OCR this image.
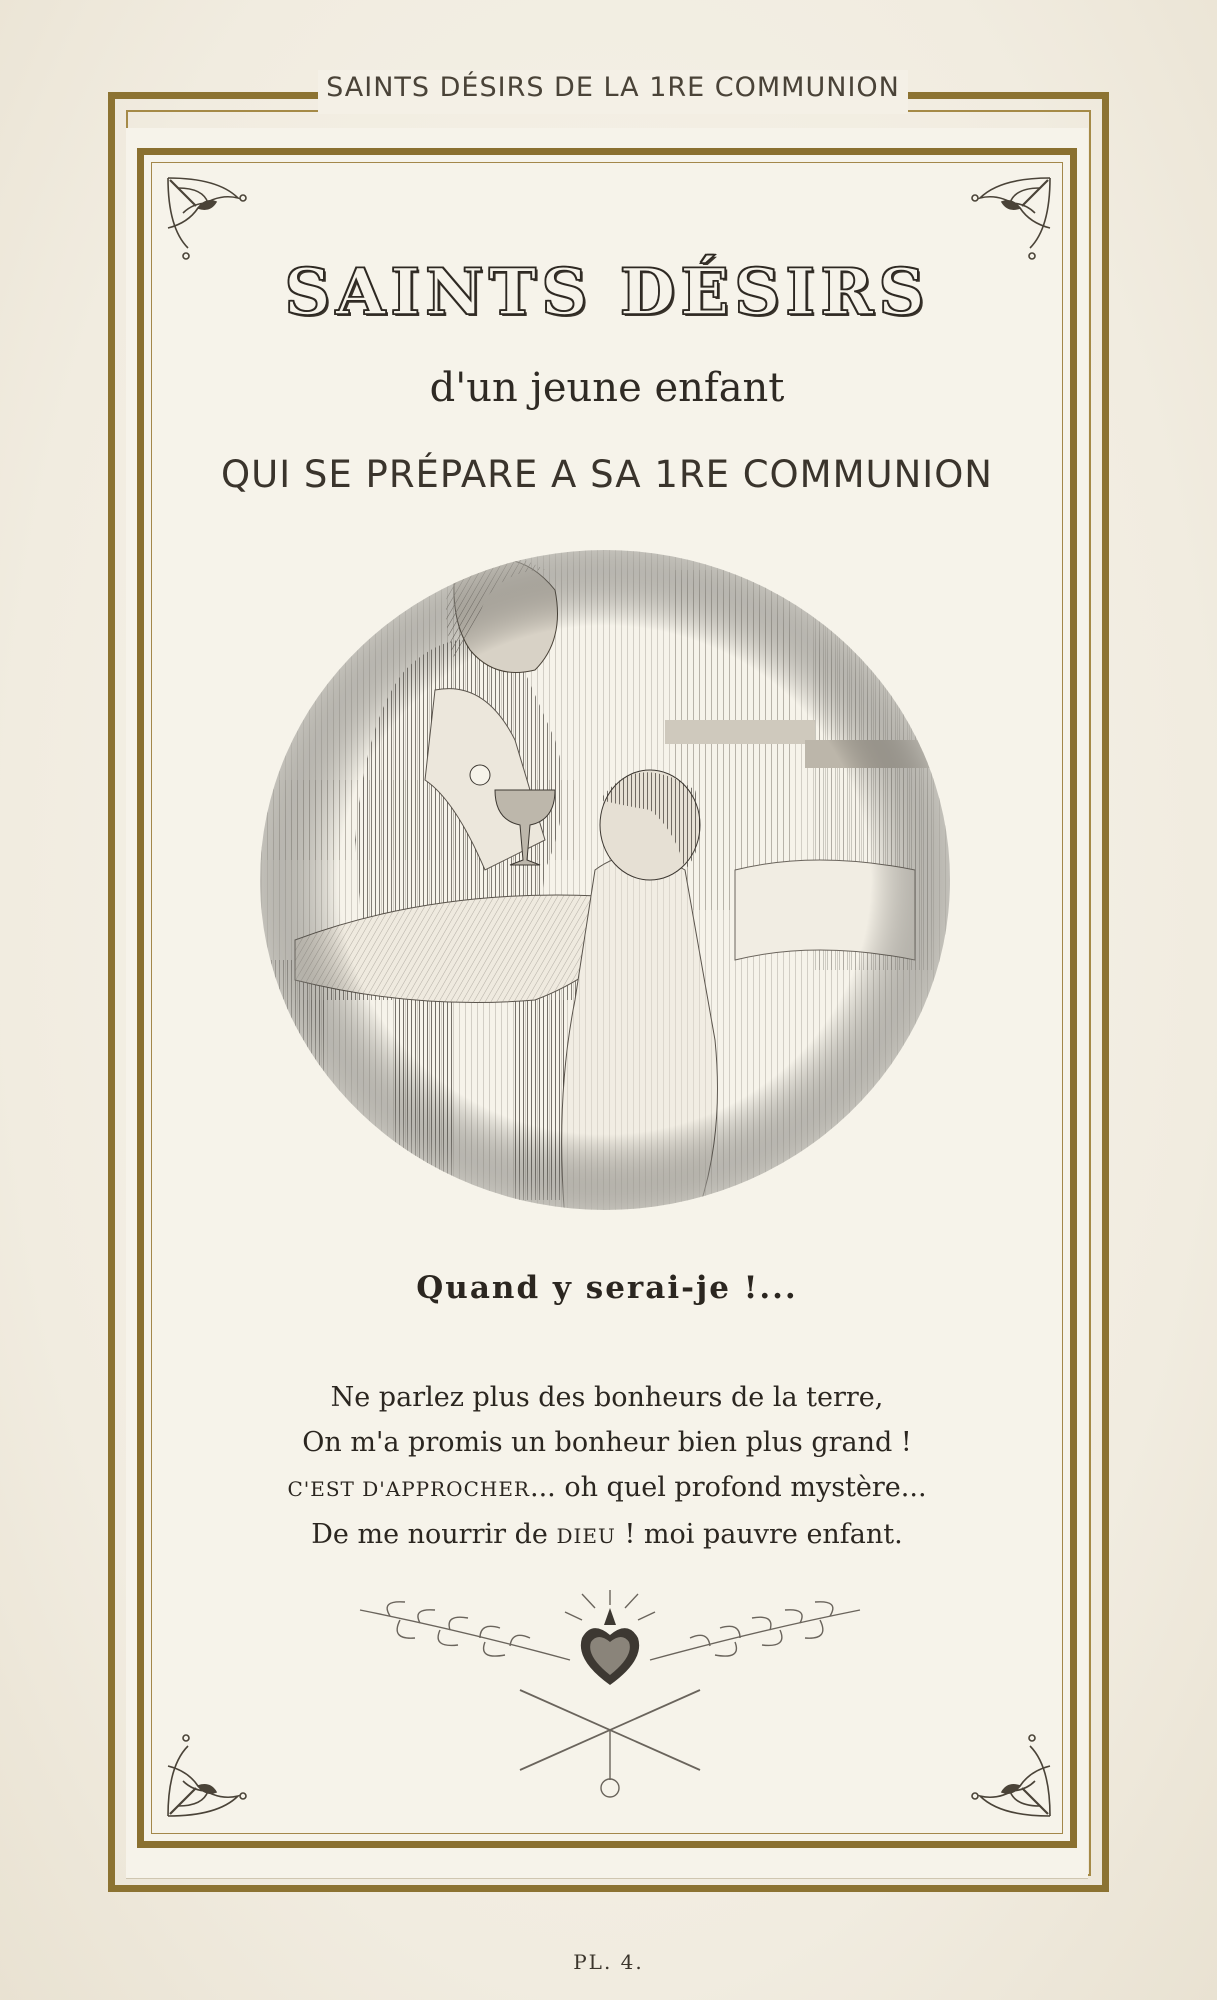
SAINTS DÉSIRS DE LA 1RE COMMUNION
SAINTS DÉSIRS
d'un jeune enfant
QUI SE PRÉPARE A SA 1RE COMMUNION
Quand y serai-je !...
Ne parlez plus des bonheurs de la terre,
On m'a promis un bonheur bien plus grand !
C'EST D'APPROCHER... oh quel profond mystère...
De me nourrir de DIEU ! moi pauvre enfant.
PL. 4.
